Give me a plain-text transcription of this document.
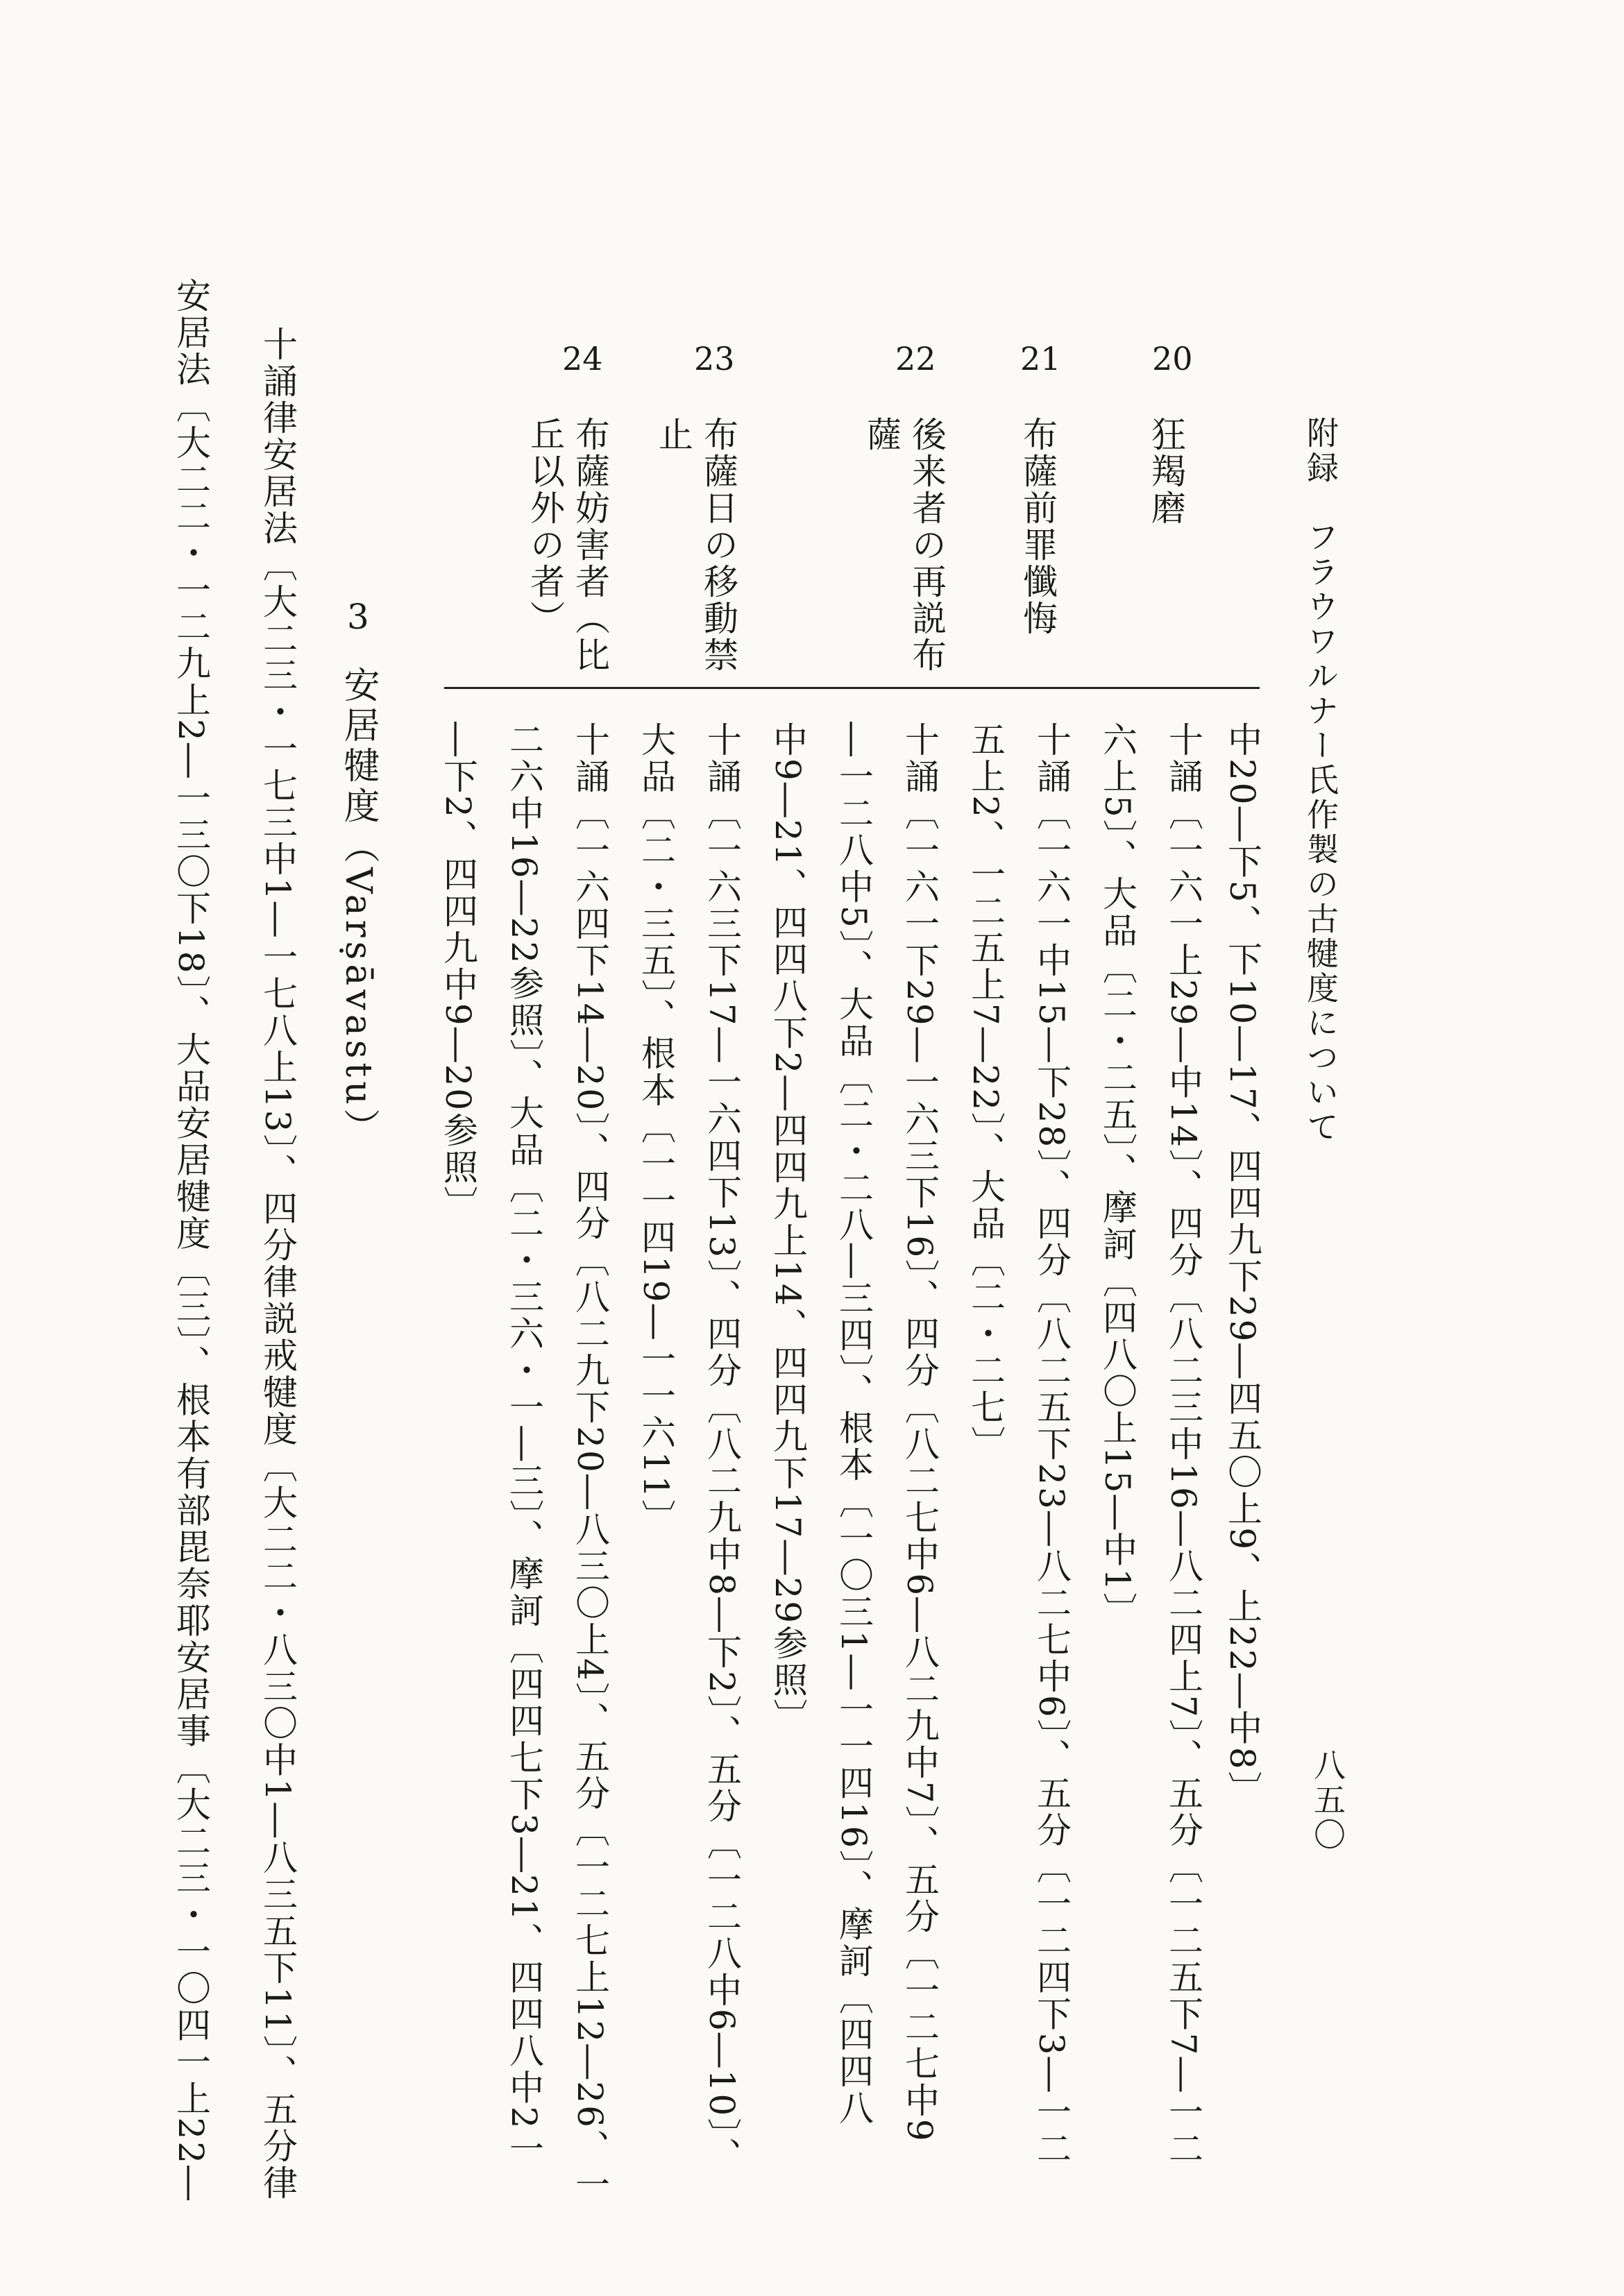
附録　フラウワルナー氏作製の古犍度について
八五〇
20
21
22
23
24
狂羯磨
布薩前罪懺悔
後来者の再説布
薩
布薩日の移動禁
止
布薩妨害者（比
丘以外の者）
中20―下5、下10―17、四四九下29―四五〇上9、上22―中8〕
十誦〔一六一上29―中14〕、四分〔八二三中16―八二四上7〕、五分〔一二五下7―一二
六上5〕、大品〔二・二五〕、摩訶〔四八〇上15―中1〕
十誦〔一六一中15―下28〕、四分〔八二五下23―八二七中6〕、五分〔一二四下3―一二
五上2、一二五上7―22〕、大品〔二・二七〕
十誦〔一六一下29―一六三下16〕、四分〔八二七中6―八二九中7〕、五分〔一二七中9
―一二八中5〕、大品〔二・二八―三四〕、根本〔一〇三1―一一四16〕、摩訶〔四四八
中9―21、四四八下2―四四九上14、四四九下17―29参照〕
十誦〔一六三下17―一六四下13〕、四分〔八二九中8―下2〕、五分〔一二八中6―10〕、
大品〔二・三五〕、根本〔一一四19―一一六11〕
十誦〔一六四下14―20〕、四分〔八二九下20―八三〇上4〕、五分〔一二七上12―26、一
二六中16―22参照〕、大品〔二・三六・一―三〕、摩訶〔四四七下3―21、四四八中2一
―下2、四四九中9―20参照〕
3
安居犍度（Varṣāvastu）
十誦律安居法〔大二三・一七三中1―一七八上13〕、四分律説戒犍度〔大二二・八三〇中1―八三五下11〕、五分律
安居法〔大二二・一二九上2―一三〇下18〕、大品安居犍度〔三〕、根本有部毘奈耶安居事〔大二三・一〇四一上22―
